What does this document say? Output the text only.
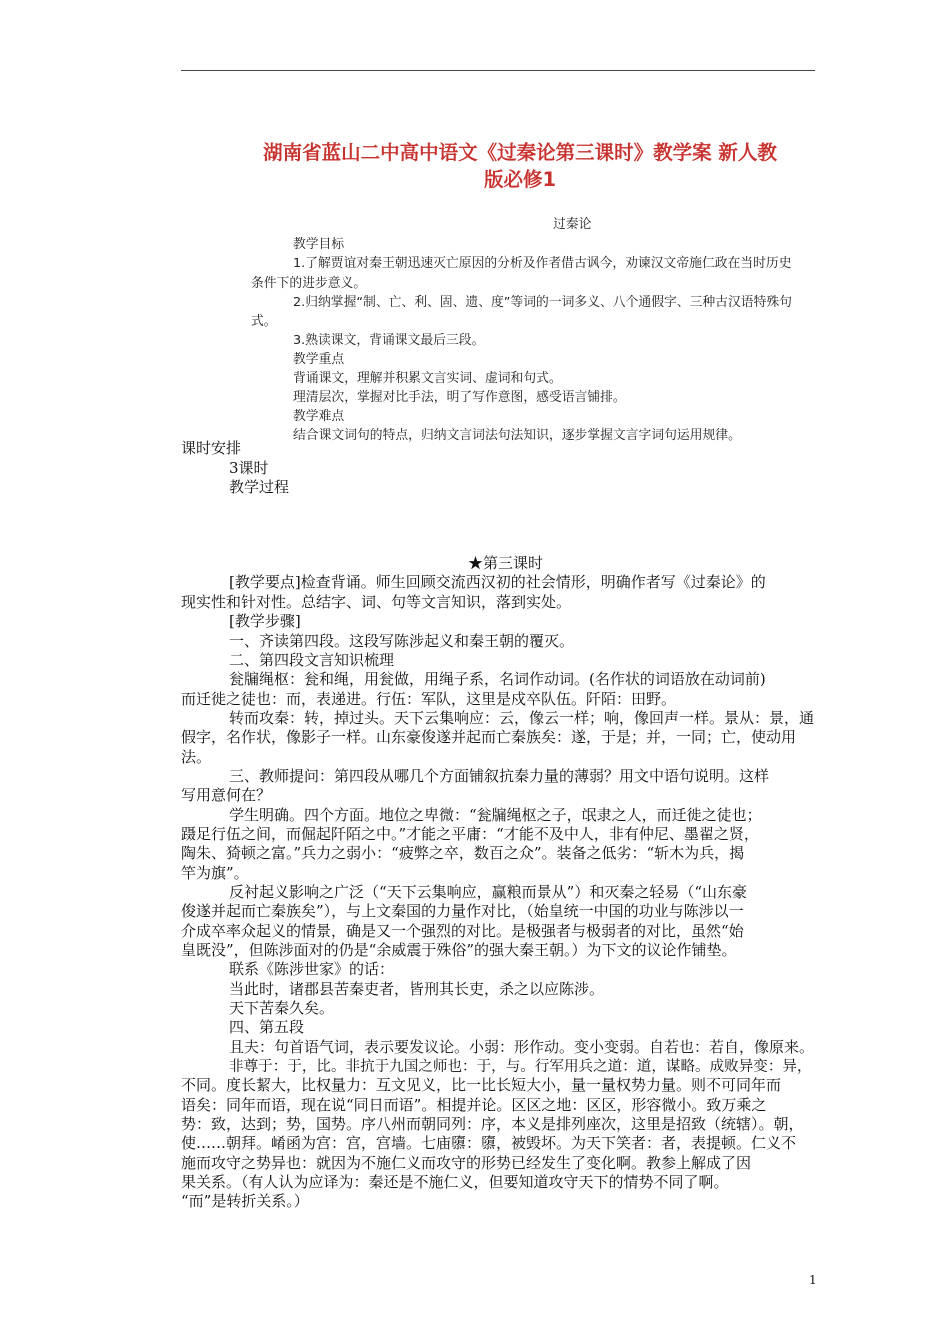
湖南省蓝山二中高中语文《过秦论第三课时》教学案 新人教
版必修1
过秦论
教学目标
1.了解贾谊对秦王朝迅速灭亡原因的分析及作者借古讽今，劝谏汉文帝施仁政在当时历史
条件下的进步意义。
2.归纳掌握“制、亡、利、固、遗、度”等词的一词多义、八个通假字、三种古汉语特殊句
式。
3.熟读课文，背诵课文最后三段。
教学重点
背诵课文，理解并积累文言实词、虚词和句式。
理清层次，掌握对比手法，明了写作意图，感受语言铺排。
教学难点
结合课文词句的特点，归纳文言词法句法知识，逐步掌握文言字词句运用规律。
课时安排
3课时
教学过程
★第三课时
[教学要点]检查背诵。师生回顾交流西汉初的社会情形，明确作者写《过秦论》的
现实性和针对性。总结字、词、句等文言知识，落到实处。
[教学步骤]
一、齐读第四段。这段写陈涉起义和秦王朝的覆灭。
二、第四段文言知识梳理
瓮牖绳枢：瓮和绳，用瓮做，用绳子系，名词作动词。(名作状的词语放在动词前)
而迁徙之徒也：而，表递进。行伍：军队，这里是戍卒队伍。阡陌：田野。
转而攻秦：转，掉过头。天下云集响应：云，像云一样；响，像回声一样。景从：景，通
假字，名作状，像影子一样。山东豪俊遂并起而亡秦族矣：遂，于是；并，一同；亡，使动用
法。
三、教师提问：第四段从哪几个方面铺叙抗秦力量的薄弱？用文中语句说明。这样
写用意何在？
学生明确。四个方面。地位之卑微：“瓮牖绳枢之子，氓隶之人，而迁徙之徒也；
蹑足行伍之间，而倔起阡陌之中。”才能之平庸：“才能不及中人，非有仲尼、墨翟之贤，
陶朱、猗顿之富。”兵力之弱小：“疲弊之卒，数百之众”。装备之低劣：“斩木为兵，揭
竿为旗”。
反衬起义影响之广泛（“天下云集响应，赢粮而景从”）和灭秦之轻易（“山东豪
俊遂并起而亡秦族矣”），与上文秦国的力量作对比，（始皇统一中国的功业与陈涉以一
介成卒率众起义的情景，确是又一个强烈的对比。是极强者与极弱者的对比，虽然“始
皇既没”，但陈涉面对的仍是“余威震于殊俗”的强大秦王朝。）为下文的议论作铺垫。
联系《陈涉世家》的话：
当此时，诸郡县苦秦吏者，皆刑其长吏，杀之以应陈涉。
天下苦秦久矣。
四、第五段
且夫：句首语气词，表示要发议论。小弱：形作动。变小变弱。自若也：若自，像原来。
非尊于：于，比。非抗于九国之师也：于，与。行军用兵之道：道，谋略。成败异变：异，
不同。度长絜大，比权量力：互文见义，比一比长短大小，量一量权势力量。则不可同年而
语矣：同年而语，现在说“同日而语”。相提并论。区区之地：区区，形容微小。致万乘之
势：致，达到；势，国势。序八州而朝同列：序，本义是排列座次，这里是招致（统辖）。朝，
使……朝拜。崤函为宫：宫，宫墙。七庙隳：隳，被毁坏。为天下笑者：者，表提顿。仁义不
施而攻守之势异也：就因为不施仁义而攻守的形势已经发生了变化啊。教参上解成了因
果关系。（有人认为应译为：秦还是不施仁义，但要知道攻守天下的情势不同了啊。
“而”是转折关系。）
1
